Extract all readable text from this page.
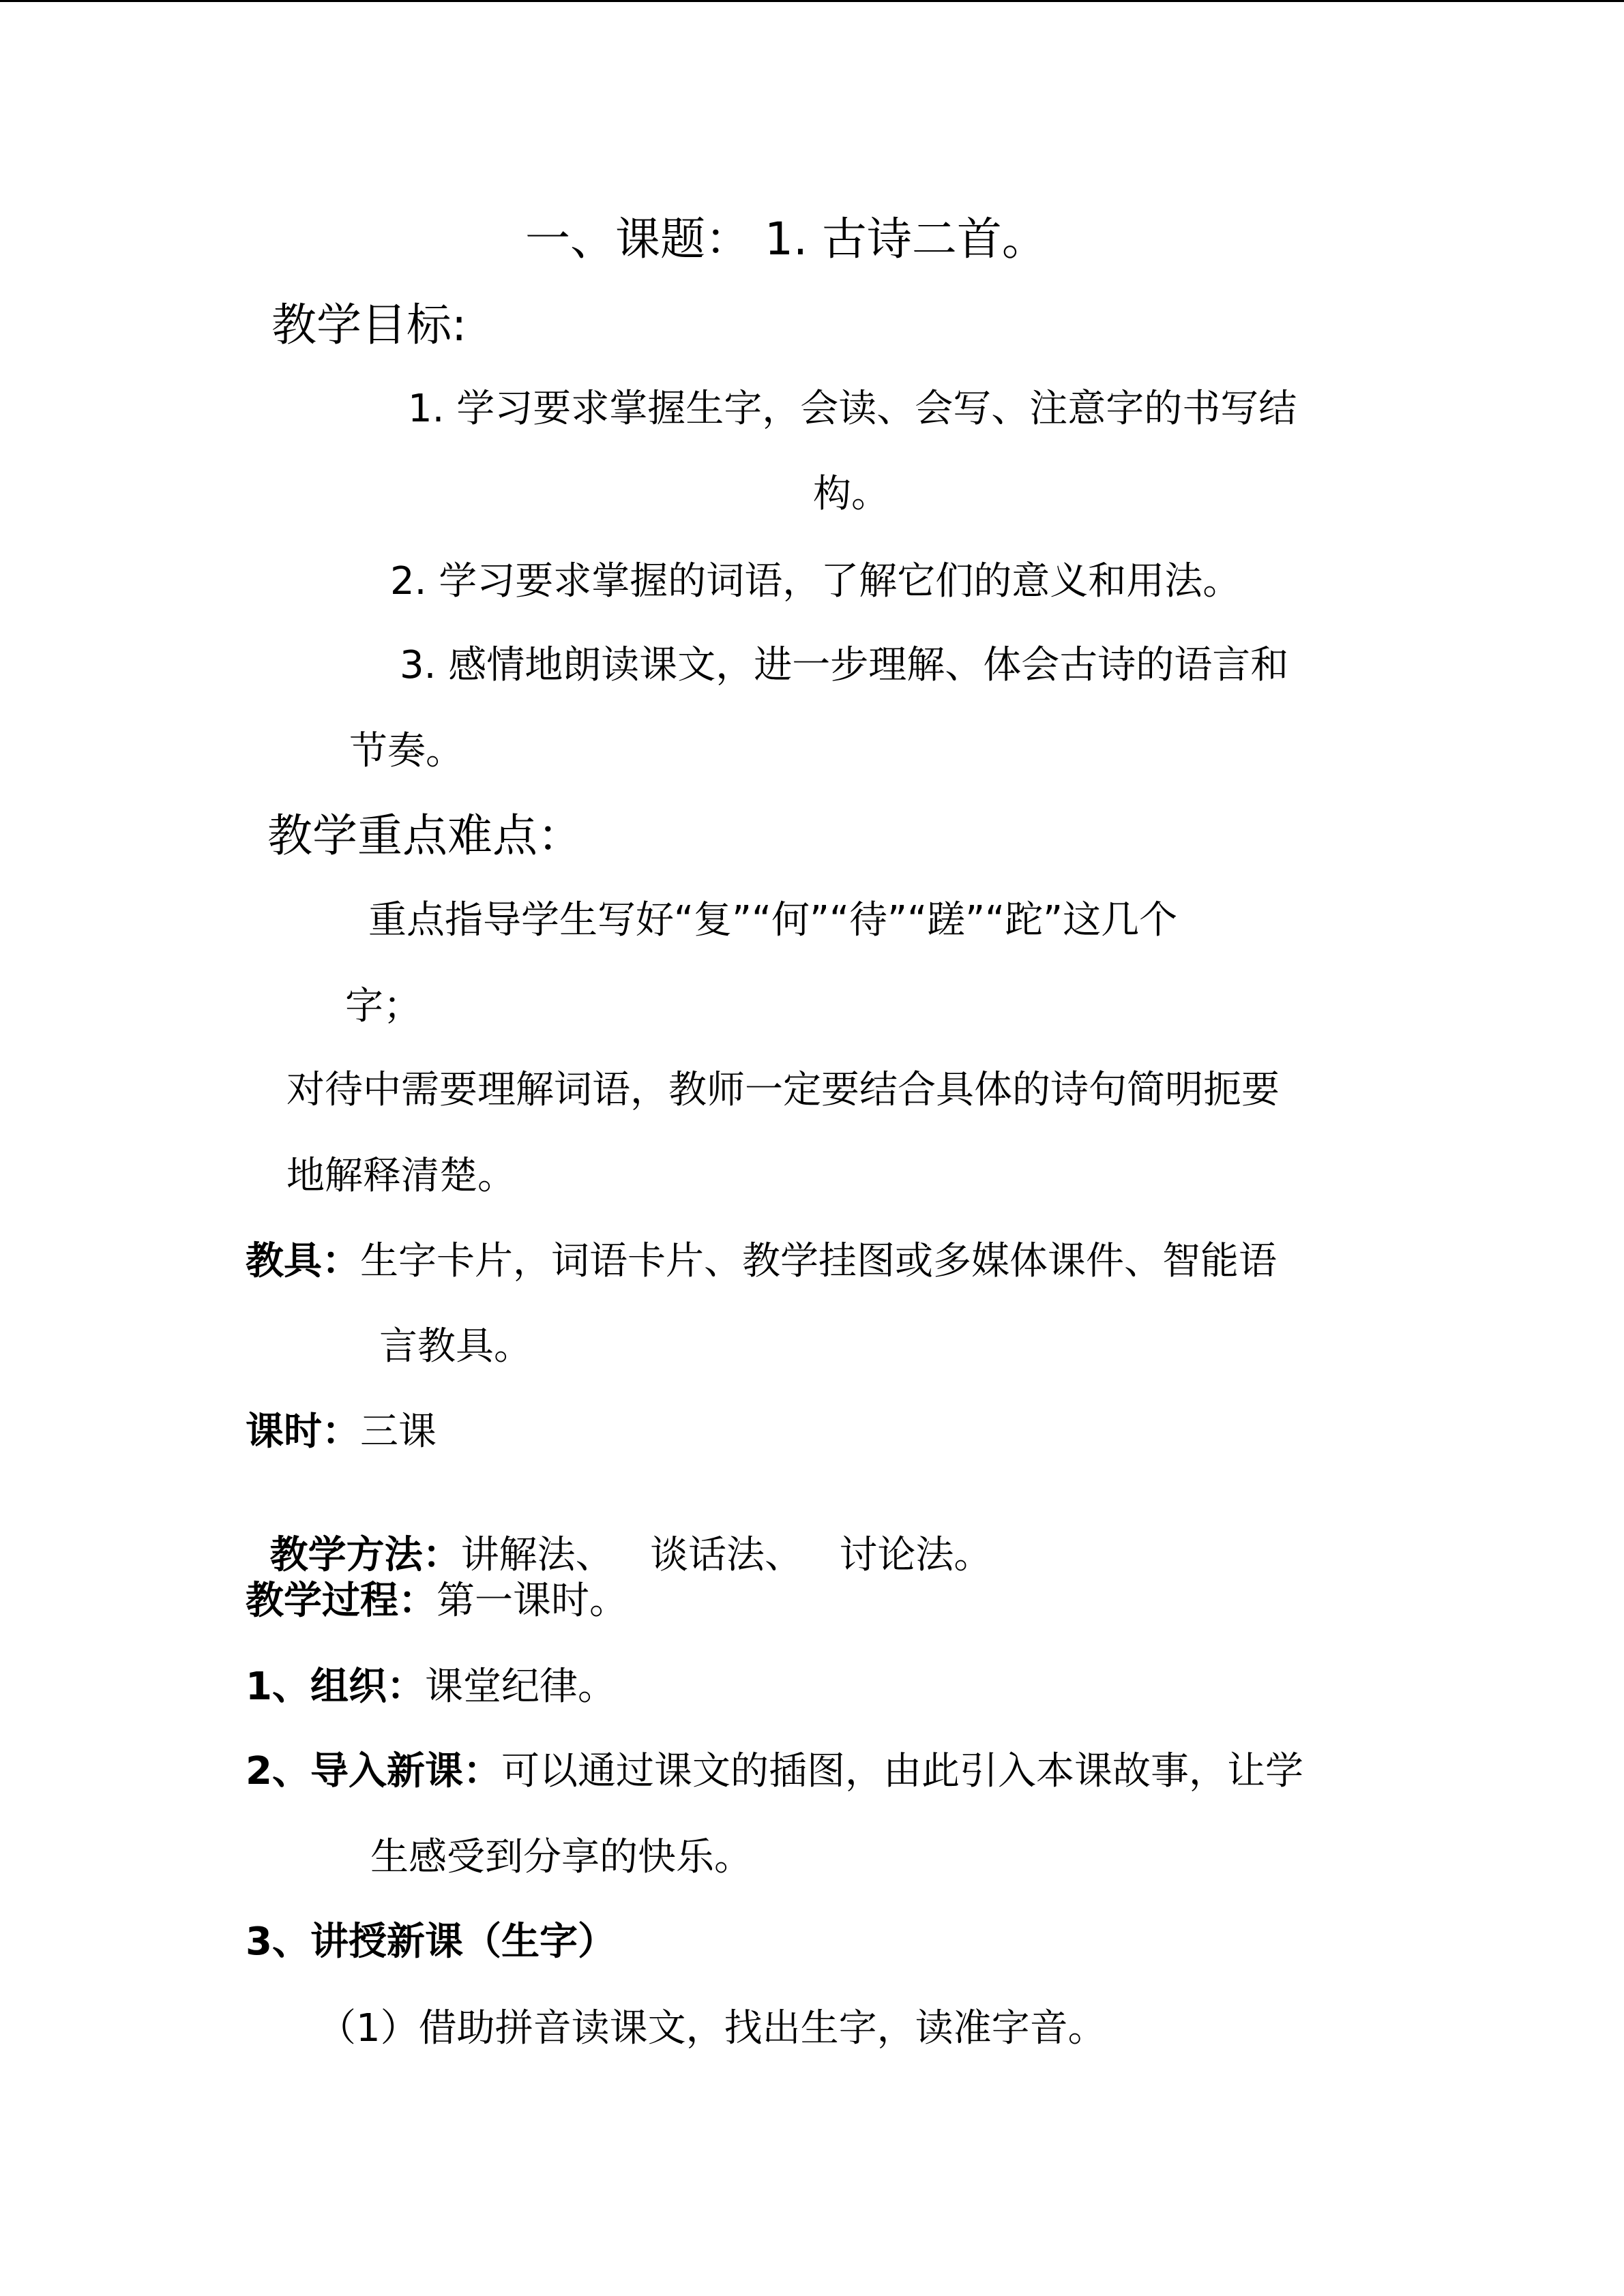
一、课题： 1. 古诗二首。
教学目标:
1. 学习要求掌握生字，会读、会写、注意字的书写结
构。
2. 学习要求掌握的词语，了解它们的意义和用法。
3. 感情地朗读课文，进一步理解、体会古诗的语言和
节奏。
教学重点难点：
重点指导学生写好“复”“何”“待”“蹉”“跎”这几个
字；
对待中需要理解词语，教师一定要结合具体的诗句简明扼要
地解释清楚。
教具：生字卡片，词语卡片、教学挂图或多媒体课件、智能语
言教具。
课时：三课

教学方法：讲解法、   谈话法、   讨论法。

教学过程：第一课时。
1、组织：课堂纪律。
2、导入新课：可以通过课文的插图，由此引入本课故事，让学
生感受到分享的快乐。
3、讲授新课（生字）
（1）借助拼音读课文，找出生字，读准字音。
